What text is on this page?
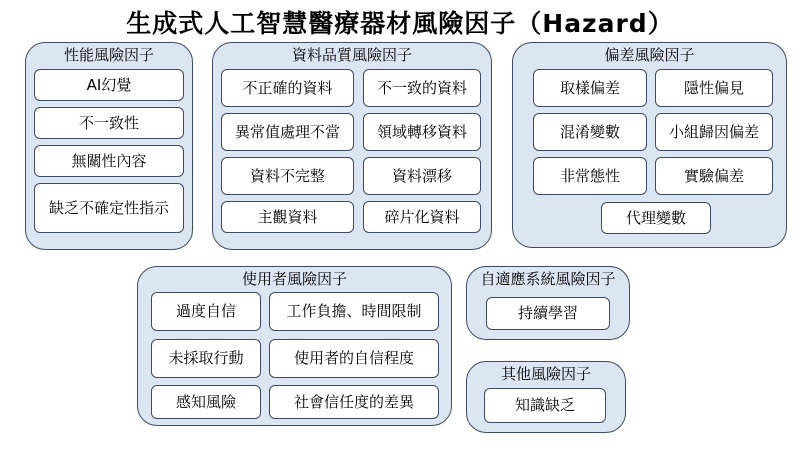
生成式人工智慧醫療器材風險因子（Hazard）
性能風險因子
AI幻覺
不一致性
無關性內容
缺乏不確定性指示
資料品質風險因子
不正確的資料	不一致的資料
異常值處理不當	領域轉移資料
資料不完整	資料漂移
主觀資料	碎片化資料
偏差風險因子
取樣偏差	隱性偏見
混淆變數	小組歸因偏差
非常態性	實驗偏差
代理變數
使用者風險因子
過度自信	工作負擔、時間限制
未採取行動	使用者的自信程度
感知風險	社會信任度的差異
自適應系統風險因子
持續學習
其他風險因子
知識缺乏
